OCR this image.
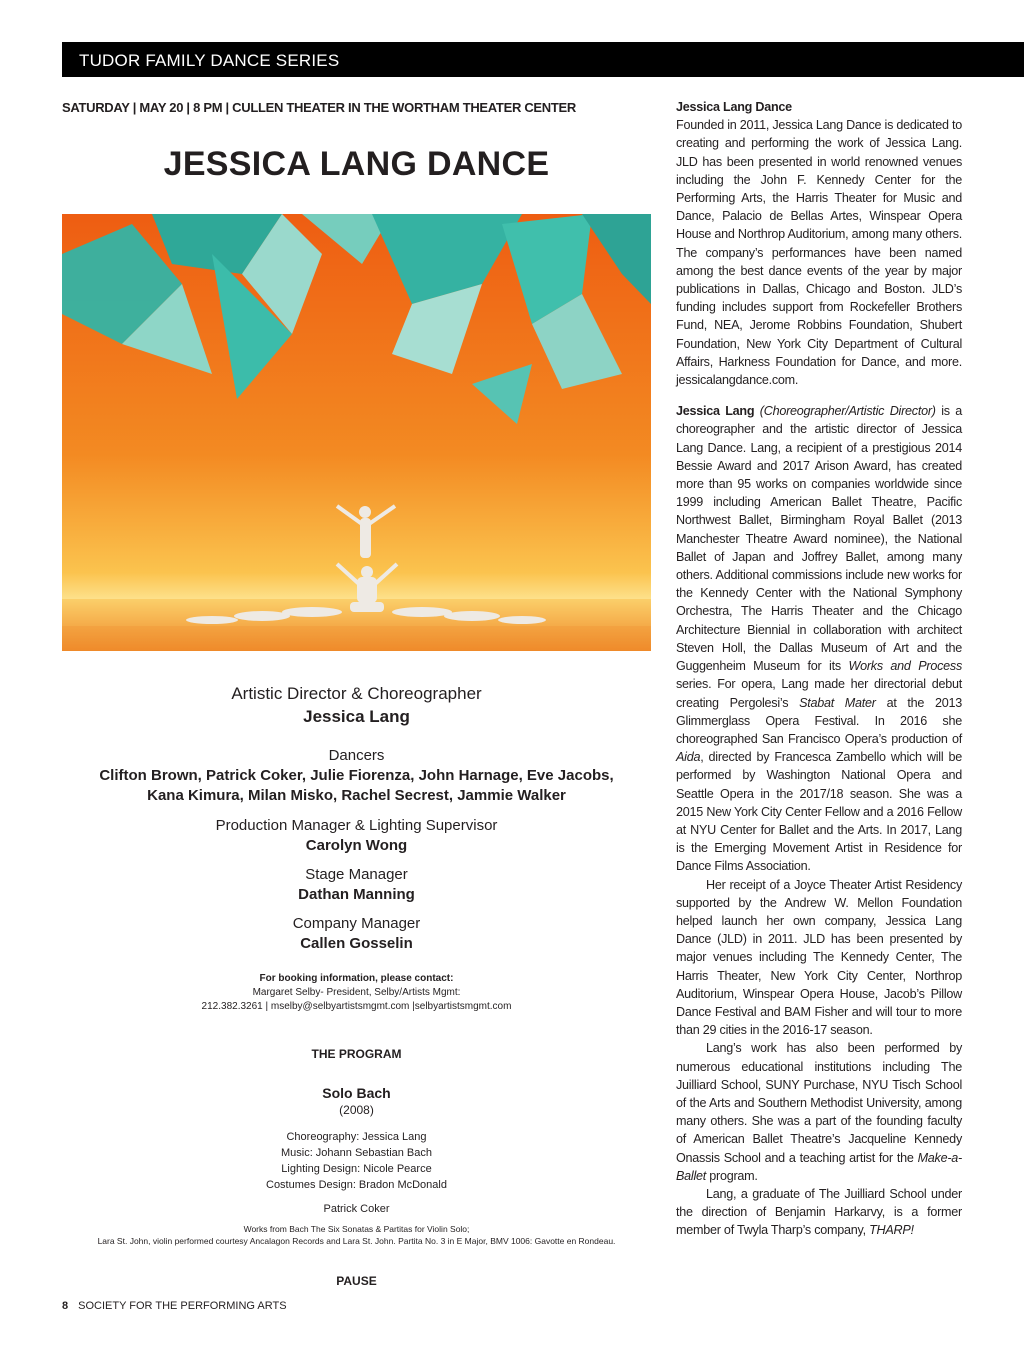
TUDOR FAMILY DANCE SERIES
SATURDAY | MAY 20 | 8 PM | CULLEN THEATER IN THE WORTHAM THEATER CENTER
JESSICA LANG DANCE
Artistic Director & Choreographer
Jessica Lang
Dancers
Clifton Brown, Patrick Coker, Julie Fiorenza, John Harnage, Eve Jacobs,
Kana Kimura, Milan Misko, Rachel Secrest, Jammie Walker
Production Manager & Lighting Supervisor
Carolyn Wong
Stage Manager
Dathan Manning
Company Manager
Callen Gosselin
For booking information, please contact:
Margaret Selby- President, Selby/Artists Mgmt:
212.382.3261 | mselby@selbyartistsmgmt.com |selbyartistsmgmt.com
THE PROGRAM
Solo Bach
(2008)
Choreography: Jessica Lang
Music: Johann Sebastian Bach
Lighting Design: Nicole Pearce
Costumes Design: Bradon McDonald
Patrick Coker
Works from Bach The Six Sonatas & Partitas for Violin Solo;
Lara St. John, violin performed courtesy Ancalagon Records and Lara St. John. Partita No. 3 in E Major, BMV 1006: Gavotte en Rondeau.
PAUSE

Jessica Lang Dance
Founded in 2011, Jessica Lang Dance is dedicated to creating and performing the work of Jessica Lang. JLD has been presented in world renowned venues including the John F. Kennedy Center for the Performing Arts, the Harris Theater for Music and Dance, Palacio de Bellas Artes, Winspear Opera House and Northrop Auditorium, among many others. The company’s performances have been named among the best dance events of the year by major publications in Dallas, Chicago and Boston. JLD’s funding includes support from Rockefeller Brothers Fund, NEA, Jerome Robbins Foundation, Shubert Foundation, New York City Department of Cultural Affairs, Harkness Foundation for Dance, and more. jessicalangdance.com.

Jessica Lang (Choreographer/Artistic Director) is a choreographer and the artistic director of Jessica Lang Dance. Lang, a recipient of a prestigious 2014 Bessie Award and 2017 Arison Award, has created more than 95 works on companies worldwide since 1999 including American Ballet Theatre, Pacific Northwest Ballet, Birmingham Royal Ballet (2013 Manchester Theatre Award nominee), the National Ballet of Japan and Joffrey Ballet, among many others. Additional commissions include new works for the Kennedy Center with the National Symphony Orchestra, The Harris Theater and the Chicago Architecture Biennial in collaboration with architect Steven Holl, the Dallas Museum of Art and the Guggenheim Museum for its Works and Process series. For opera, Lang made her directorial debut creating Pergolesi’s Stabat Mater at the 2013 Glimmerglass Opera Festival. In 2016 she choreographed San Francisco Opera’s production of Aida, directed by Francesca Zambello which will be performed by Washington National Opera and Seattle Opera in the 2017/18 season. She was a 2015 New York City Center Fellow and a 2016 Fellow at NYU Center for Ballet and the Arts. In 2017, Lang is the Emerging Movement Artist in Residence for Dance Films Association.

Her receipt of a Joyce Theater Artist Residency supported by the Andrew W. Mellon Foundation helped launch her own company, Jessica Lang Dance (JLD) in 2011. JLD has been presented by major venues including The Kennedy Center, The Harris Theater, New York City Center, Northrop Auditorium, Winspear Opera House, Jacob’s Pillow Dance Festival and BAM Fisher and will tour to more than 29 cities in the 2016-17 season.

Lang’s work has also been performed by numerous educational institutions including The Juilliard School, SUNY Purchase, NYU Tisch School of the Arts and Southern Methodist University, among many others. She was a part of the founding faculty of American Ballet Theatre’s Jacqueline Kennedy Onassis School and a teaching artist for the Make-a-Ballet program.

Lang, a graduate of The Juilliard School under the direction of Benjamin Harkarvy, is a former member of Twyla Tharp’s company, THARP!

8 SOCIETY FOR THE PERFORMING ARTS
